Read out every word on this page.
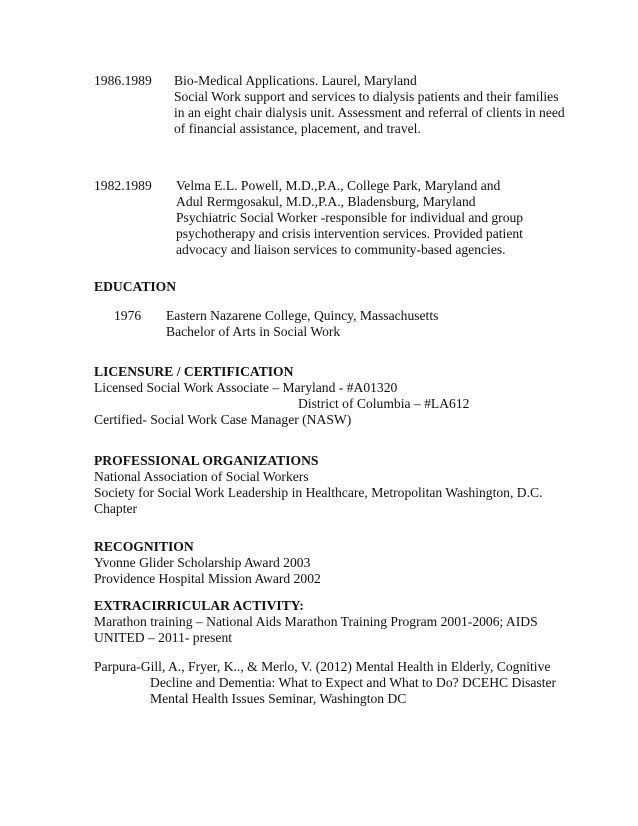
1986.1989 Bio-Medical Applications. Laurel, Maryland
Social Work support and services to dialysis patients and their families
in an eight chair dialysis unit. Assessment and referral of clients in need
of financial assistance, placement, and travel.
1982.1989 Velma E.L. Powell, M.D.,P.A., College Park, Maryland and
Adul Rermgosakul, M.D.,P.A., Bladensburg, Maryland
Psychiatric Social Worker -responsible for individual and group
psychotherapy and crisis intervention services. Provided patient
advocacy and liaison services to community-based agencies.
EDUCATION
1976 Eastern Nazarene College, Quincy, Massachusetts
Bachelor of Arts in Social Work
LICENSURE / CERTIFICATION
Licensed Social Work Associate – Maryland - #A01320
District of Columbia – #LA612
Certified- Social Work Case Manager (NASW)
PROFESSIONAL ORGANIZATIONS
National Association of Social Workers
Society for Social Work Leadership in Healthcare, Metropolitan Washington, D.C.
Chapter
RECOGNITION
Yvonne Glider Scholarship Award 2003
Providence Hospital Mission Award 2002
EXTRACIRRICULAR ACTIVITY:
Marathon training – National Aids Marathon Training Program 2001-2006; AIDS
UNITED – 2011- present
Parpura-Gill, A., Fryer, K.., & Merlo, V. (2012) Mental Health in Elderly, Cognitive
Decline and Dementia: What to Expect and What to Do? DCEHC Disaster
Mental Health Issues Seminar, Washington DC
